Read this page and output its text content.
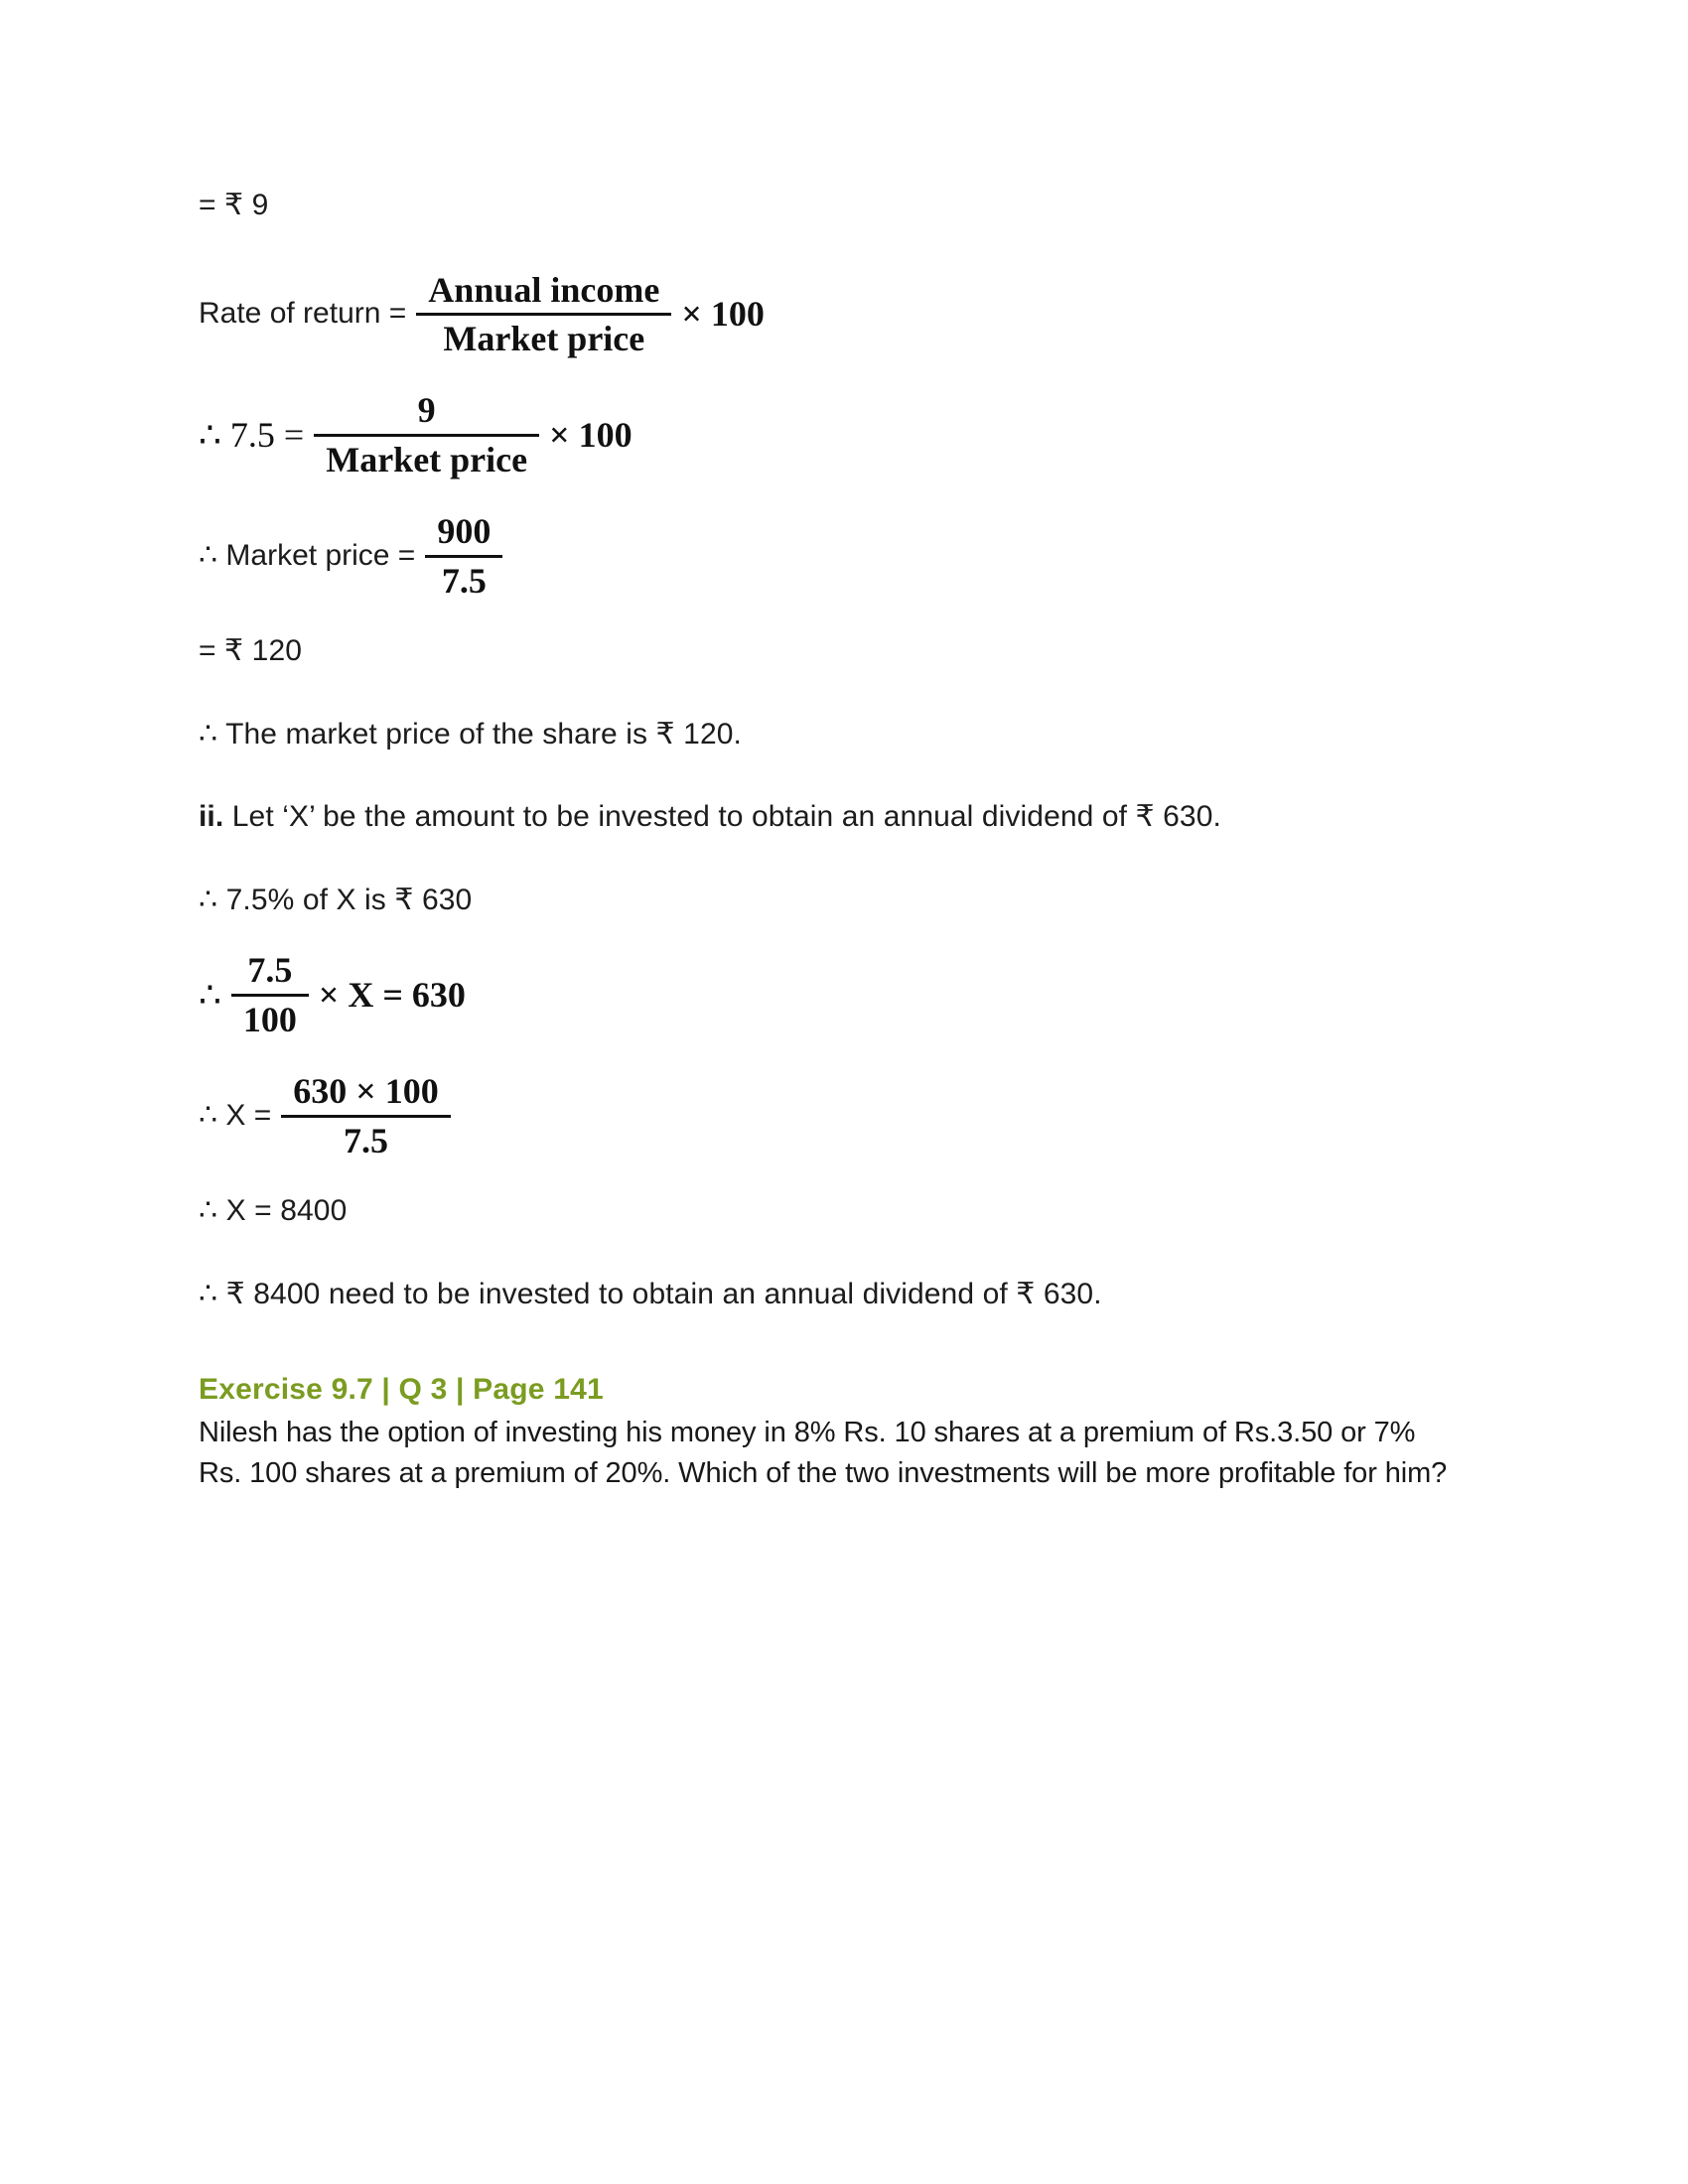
= ₹ 9
Rate of return = $\frac{\text{Annual income}}{\text{Market price}} \times 100$
∴ $7.5 = \frac{9}{\text{Market price}} \times 100$
∴ Market price = $\frac{900}{7.5}$
= ₹ 120
∴ The market price of the share is ₹ 120.
ii. Let ‘X’ be the amount to be invested to obtain an annual dividend of ₹ 630.
∴ 7.5% of X is ₹ 630
∴ $\frac{7.5}{100} \times X = 630$
∴ $X = \frac{630 \times 100}{7.5}$
∴ X = 8400
∴ ₹ 8400 need to be invested to obtain an annual dividend of ₹ 630.
Exercise 9.7 | Q 3 | Page 141
Nilesh has the option of investing his money in 8% Rs. 10 shares at a premium of Rs.3.50 or 7% Rs. 100 shares at a premium of 20%. Which of the two investments will be more profitable for him?
